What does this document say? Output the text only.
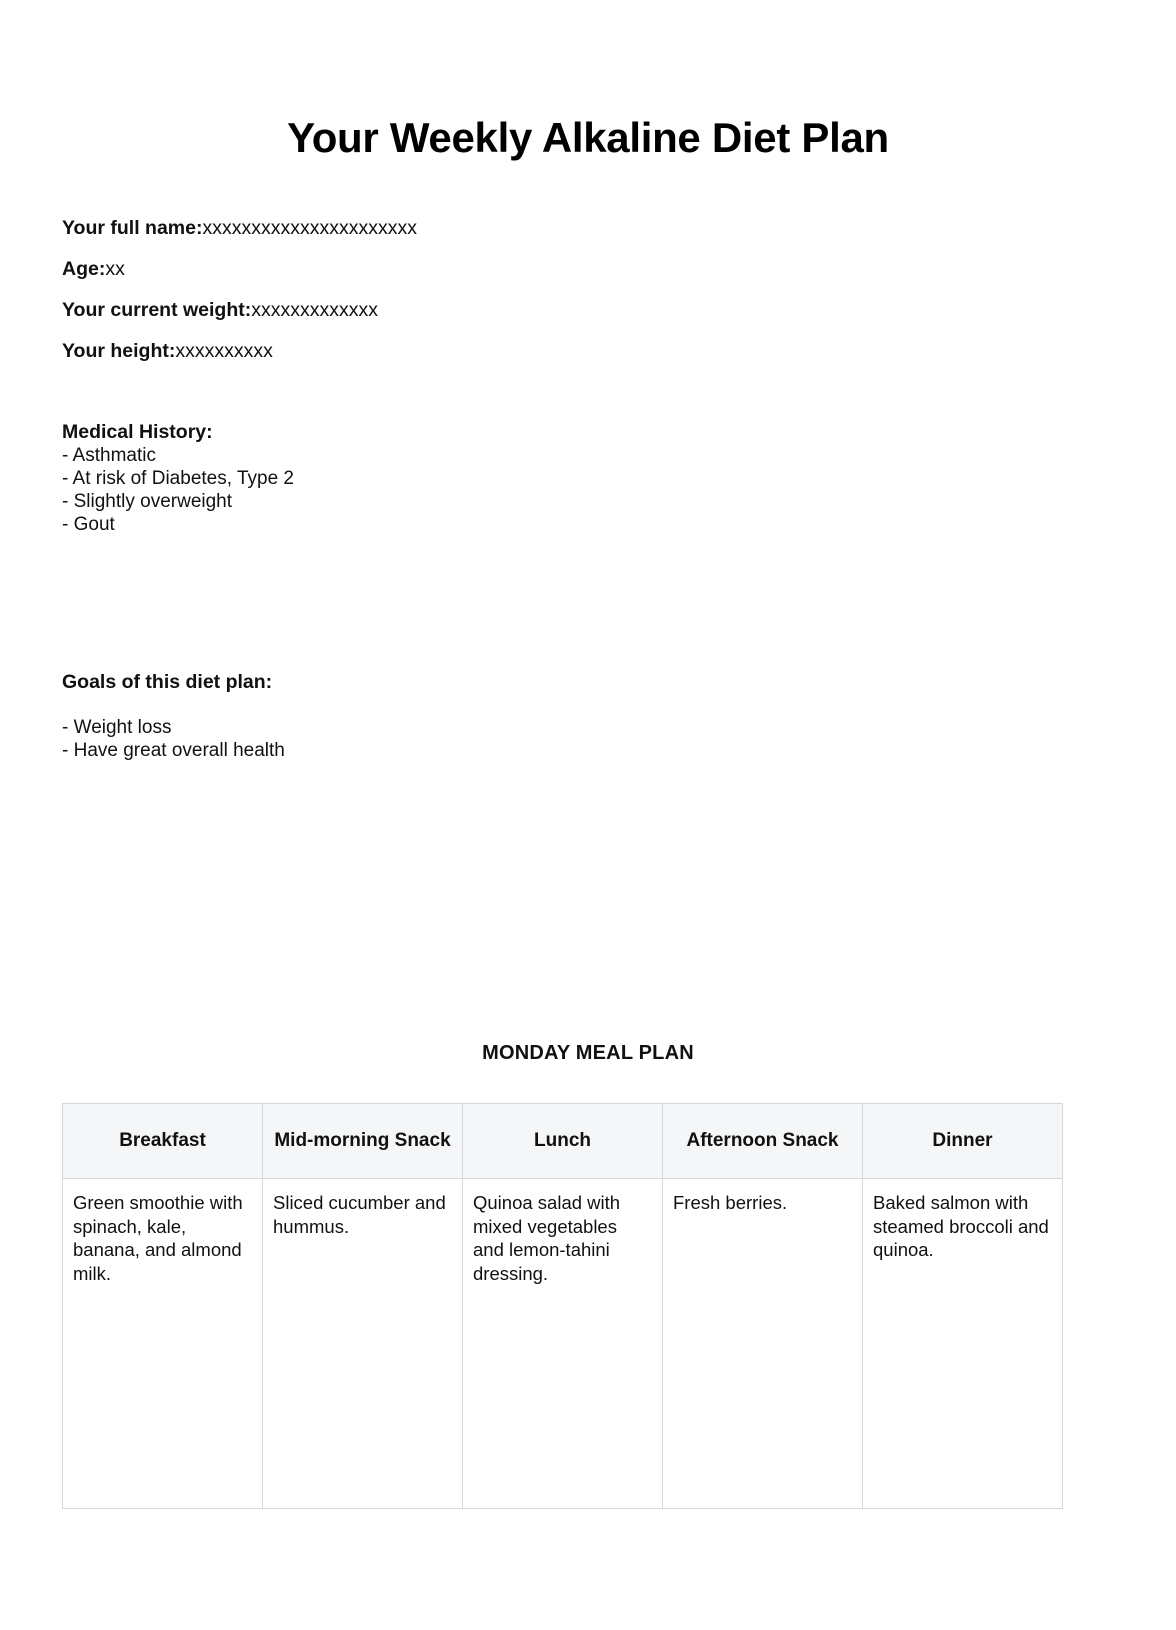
Your Weekly Alkaline Diet Plan
Your full name:xxxxxxxxxxxxxxxxxxxxxx
Age:xx
Your current weight:xxxxxxxxxxxxx
Your height:xxxxxxxxxx
Medical History:
- Asthmatic
- At risk of Diabetes, Type 2
- Slightly overweight
- Gout
Goals of this diet plan:
- Weight loss
- Have great overall health
MONDAY MEAL PLAN
Breakfast	Mid-morning Snack	Lunch	Afternoon Snack	Dinner

Green smoothie with spinach, kale, banana, and almond milk.	Sliced cucumber and hummus.	Quinoa salad with mixed vegetables and lemon-tahini dressing.	Fresh berries.	Baked salmon with steamed broccoli and quinoa.
